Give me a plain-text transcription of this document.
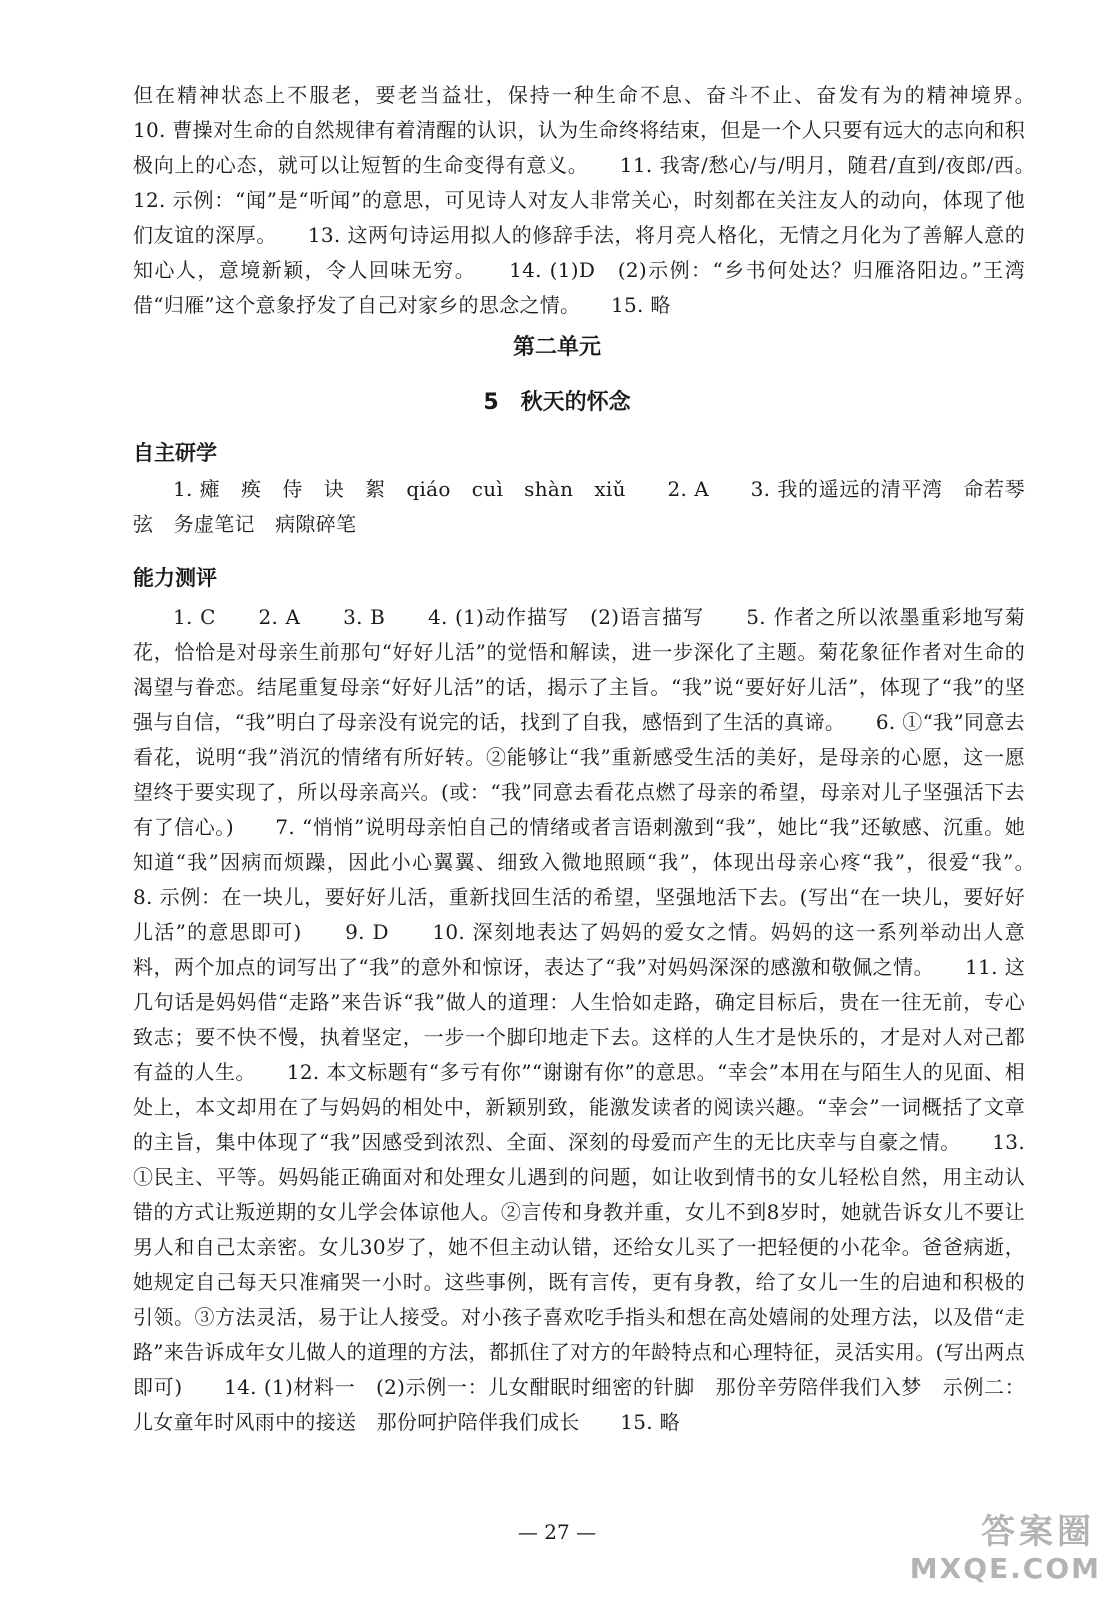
但在精神状态上不服老，要老当益壮，保持一种生命不息、奋斗不止、奋发有为的精神境界。　　10. 曹操对生命的自然规律有着清醒的认识，认为生命终将结束，但是一个人只要有远大的志向和积极向上的心态，就可以让短暂的生命变得有意义。　　11. 我寄/愁心/与/明月，随君/直到/夜郎/西。　　12. 示例：“闻”是“听闻”的意思，可见诗人对友人非常关心，时刻都在关注友人的动向，体现了他们友谊的深厚。　　13. 这两句诗运用拟人的修辞手法，将月亮人格化，无情之月化为了善解人意的知心人，意境新颖，令人回味无穷。　　14. (1)D　(2)示例：“乡书何处达？归雁洛阳边。”王湾借“归雁”这个意象抒发了自己对家乡的思念之情。　　15. 略

第二单元
5　秋天的怀念
自主研学

1. 瘫　痪　侍　诀　絮　qiáo　cuì　shàn　xiǔ　　2. A　　3. 我的遥远的清平湾　命若琴弦　务虚笔记　病隙碎笔

能力测评

1. C　　2. A　　3. B　　4. (1)动作描写　(2)语言描写　　5. 作者之所以浓墨重彩地写菊花，恰恰是对母亲生前那句“好好儿活”的觉悟和解读，进一步深化了主题。菊花象征作者对生命的渴望与眷恋。结尾重复母亲“好好儿活”的话，揭示了主旨。“我”说“要好好儿活”，体现了“我”的坚强与自信，“我”明白了母亲没有说完的话，找到了自我，感悟到了生活的真谛。　　6. ①“我”同意去看花，说明“我”消沉的情绪有所好转。②能够让“我”重新感受生活的美好，是母亲的心愿，这一愿望终于要实现了，所以母亲高兴。(或：“我”同意去看花点燃了母亲的希望，母亲对儿子坚强活下去有了信心。)　　7. “悄悄”说明母亲怕自己的情绪或者言语刺激到“我”，她比“我”还敏感、沉重。她知道“我”因病而烦躁，因此小心翼翼、细致入微地照顾“我”，体现出母亲心疼“我”，很爱“我”。　　8. 示例：在一块儿，要好好儿活，重新找回生活的希望，坚强地活下去。(写出“在一块儿，要好好儿活”的意思即可)　　9. D　　10. 深刻地表达了妈妈的爱女之情。妈妈的这一系列举动出人意料，两个加点的词写出了“我”的意外和惊讶，表达了“我”对妈妈深深的感激和敬佩之情。　　11. 这几句话是妈妈借“走路”来告诉“我”做人的道理：人生恰如走路，确定目标后，贵在一往无前，专心致志；要不快不慢，执着坚定，一步一个脚印地走下去。这样的人生才是快乐的，才是对人对己都有益的人生。　　12. 本文标题有“多亏有你”“谢谢有你”的意思。“幸会”本用在与陌生人的见面、相处上，本文却用在了与妈妈的相处中，新颖别致，能激发读者的阅读兴趣。“幸会”一词概括了文章的主旨，集中体现了“我”因感受到浓烈、全面、深刻的母爱而产生的无比庆幸与自豪之情。　　13. ①民主、平等。妈妈能正确面对和处理女儿遇到的问题，如让收到情书的女儿轻松自然，用主动认错的方式让叛逆期的女儿学会体谅他人。②言传和身教并重，女儿不到8岁时，她就告诉女儿不要让男人和自己太亲密。女儿30岁了，她不但主动认错，还给女儿买了一把轻便的小花伞。爸爸病逝，她规定自己每天只准痛哭一小时。这些事例，既有言传，更有身教，给了女儿一生的启迪和积极的引领。③方法灵活，易于让人接受。对小孩子喜欢吃手指头和想在高处嬉闹的处理方法，以及借“走路”来告诉成年女儿做人的道理的方法，都抓住了对方的年龄特点和心理特征，灵活实用。(写出两点即可)　　14. (1)材料一　(2)示例一：儿女酣眠时细密的针脚　那份辛劳陪伴我们入梦　示例二：儿女童年时风雨中的接送　那份呵护陪伴我们成长　　15. 略

— 27 —	答案圈
MXQE.COM
